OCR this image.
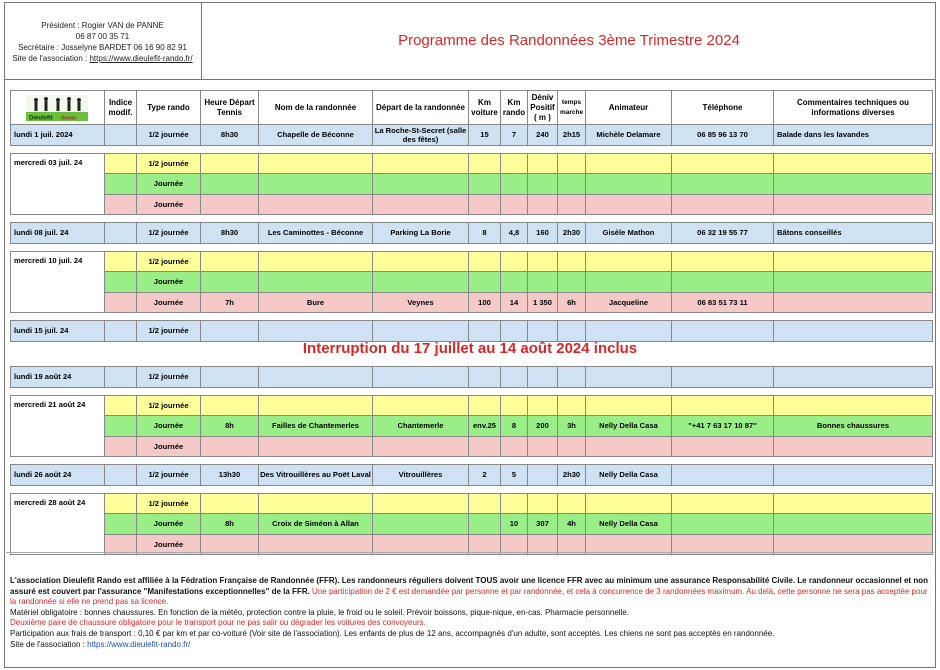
Président : Rogier VAN de PANNE
06 87 00 35 71
Secrétaire : Josselyne BARDET 06 16 90 82 91
Site de l'association : https://www.dieulefit-rando.fr/
Programme des Randonnées 3ème Trimestre 2024
Dieulefit Rando	Indice modif.	Type rando	Heure Départ Tennis	Nom de la randonnée	Départ de la randonnée	Km voiture	Km rando	Déniv Positif ( m )	temps marche	Animateur	Téléphone	Commentaires techniques ou informations diverses
lundi 1 juil. 2024		1/2 journée	8h30	Chapelle de Béconne	La Roche-St-Secret (salle des fêtes)	15	7	240	2h15	Michèle Delamare	06 85 96 13 70	Balade dans les lavandes

mercredi 03 juil. 24		1/2 journée										
		Journée										
		Journée										

lundi 08 juil. 24		1/2 journée	8h30	Les Caminottes - Béconne	Parking La Borie	8	4,8	160	2h30	Gisèle Mathon	06 32 19 55 77	Bâtons conseillés

mercredi 10 juil. 24		1/2 journée										
		Journée										
		Journée	7h	Bure	Veynes	100	14	1 350	6h	Jacqueline	06 83 51 73 11	

lundi 15 juil. 24		1/2 journée										
Interruption du 17 juillet au 14 août 2024 inclus
lundi 19 août 24		1/2 journée										

mercredi 21 août 24		1/2 journée										
		Journée	8h	Failles de Chantemerles	Chantemerle	env.25	8	200	3h	Nelly Della Casa	"+41 7 63 17 10 87"	Bonnes chaussures
		Journée										

lundi 26 août 24		1/2 journée	13h30	Des Vitrouillères au Poët Laval	Vitrouillères	2	5		2h30	Nelly Della Casa		

mercredi 28 août 24		1/2 journée										
		Journée	8h	Croix de Siméon à Allan			10	307	4h	Nelly Della Casa		
		Journée										
L'association Dieulefit Rando est affiliée à la Fédration Française de Randonnée (FFR). Les randonneurs réguliers doivent TOUS avoir une licence FFR avec au minimum une assurance Responsabilité Civile. Le randonneur occasionnel et non assuré est couvert par l'assurance "Manifestations exceptionnelles" de la FFR. Une participation de 2 € est demandée par personne et par randonnée, et cela à concurrence de 3 randonnées maximum. Au delà, cette personne ne sera pas acceptée pour la randonnée si elle ne prend pas sa licence.
Matériel obligatoire : bonnes chaussures. En fonction de la météo, protection contre la pluie, le froid ou le soleil. Prévoir boissons, pique-nique, en-cas. Pharmacie personnelle.
Deuxième paire de chaussure obligatoire pour le transport pour ne pas salir ou dégrader les voitures des convoyeurs.
Participation aux frais de transport : 0,10 € par km et par co-voituré (Voir site de l'association). Les enfants de plus de 12 ans, accompagnés d'un adulte, sont acceptés. Les chiens ne sont pas acceptés en randonnée.
Site de l'association : https://www.dieulefit-rando.fr/
